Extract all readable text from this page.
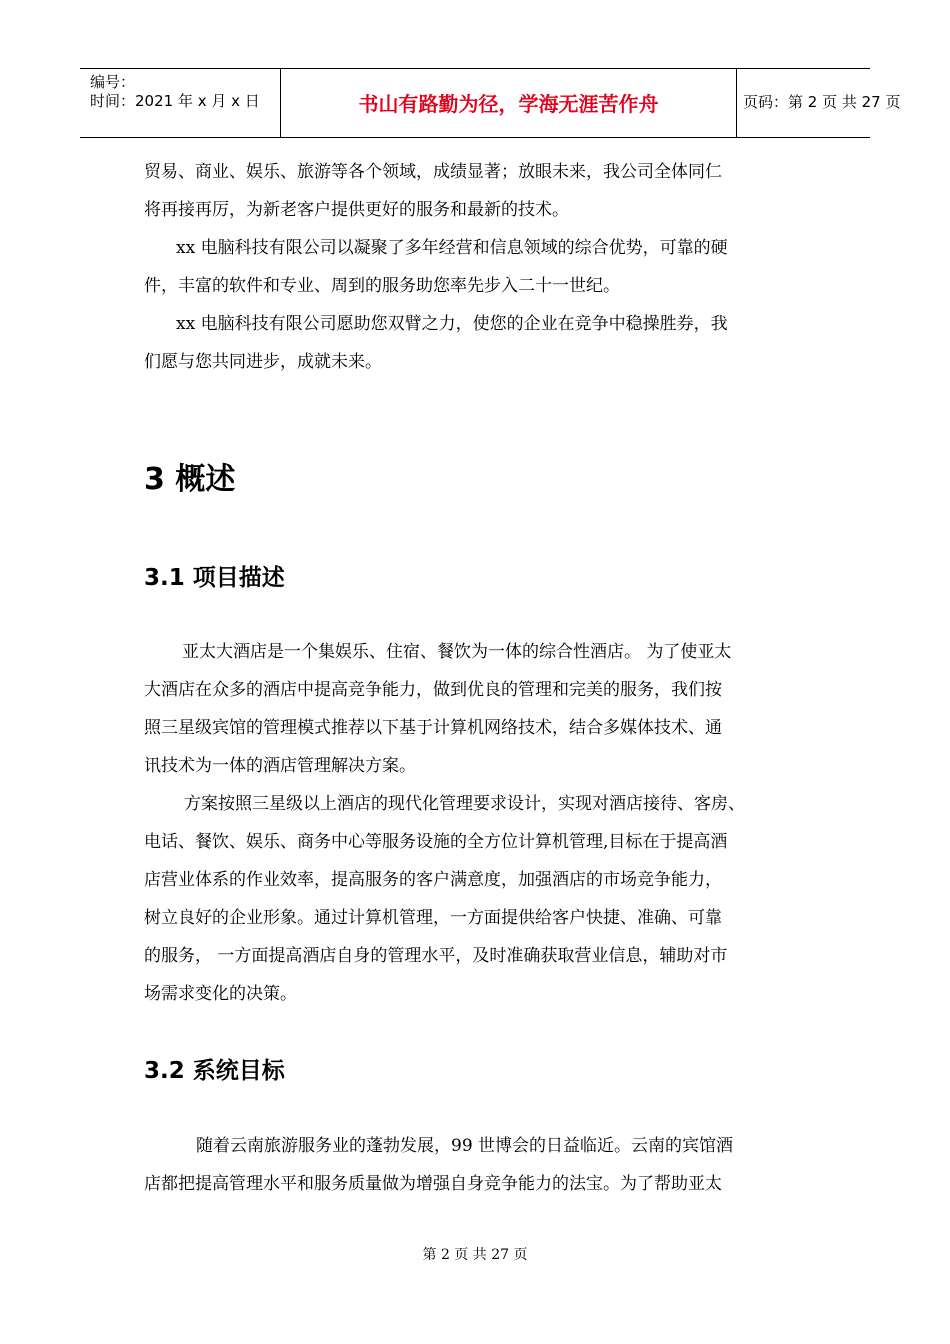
编号：
时间：2021 年 x 月 x 日	书山有路勤为径，学海无涯苦作舟	页码：第 2 页 共 27 页
贸易、商业、娱乐、旅游等各个领域，成绩显著；放眼未来，我公司全体同仁
将再接再厉，为新老客户提供更好的服务和最新的技术。
xx 电脑科技有限公司以凝聚了多年经营和信息领域的综合优势，可靠的硬
件，丰富的软件和专业、周到的服务助您率先步入二十一世纪。
xx 电脑科技有限公司愿助您双臂之力，使您的企业在竞争中稳操胜券，我
们愿与您共同进步，成就未来。
3 概述
3.1 项目描述
亚太大酒店是一个集娱乐、住宿、餐饮为一体的综合性酒店。 为了使亚太
大酒店在众多的酒店中提高竞争能力，做到优良的管理和完美的服务，我们按
照三星级宾馆的管理模式推荐以下基于计算机网络技术，结合多媒体技术、通
讯技术为一体的酒店管理解决方案。
方案按照三星级以上酒店的现代化管理要求设计，实现对酒店接待、客房、
电话、餐饮、娱乐、商务中心等服务设施的全方位计算机管理,目标在于提高酒
店营业体系的作业效率，提高服务的客户满意度，加强酒店的市场竞争能力，
树立良好的企业形象。通过计算机管理，一方面提供给客户快捷、准确、可靠
的服务， 一方面提高酒店自身的管理水平，及时准确获取营业信息，辅助对市
场需求变化的决策。
3.2 系统目标
随着云南旅游服务业的蓬勃发展，99 世博会的日益临近。云南的宾馆酒
店都把提高管理水平和服务质量做为增强自身竞争能力的法宝。为了帮助亚太
第 2 页 共 27 页
